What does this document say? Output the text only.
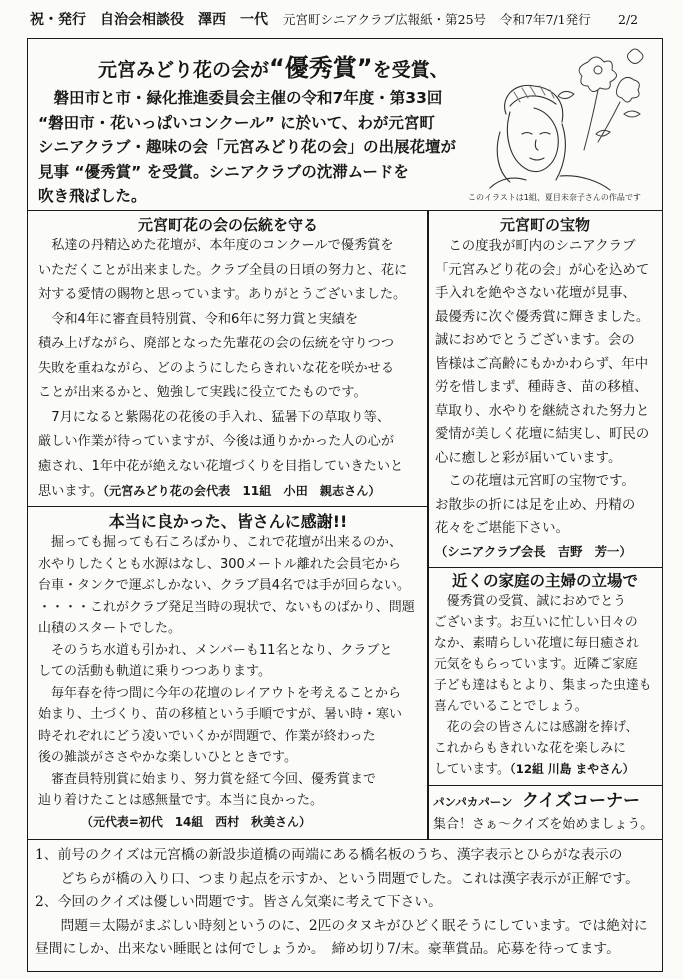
祝・発行　自治会相談役　澤西　一代 元宮町シニアクラブ広報紙・第25号 令和7年7/1発行 2/2
元宮みどり花の会が“優秀賞”を受賞、
磐田市と市・緑化推進委員会主催の令和7年度・第33回
“磐田市・花いっぱいコンクール” に於いて、わが元宮町
シニアクラブ・趣味の会「元宮みどり花の会」の出展花壇が
見事 “優秀賞” を受賞。シニアクラブの沈滞ムードを
吹き飛ばした。	このイラストは1組、夏目未奈子さんの作品です
元宮町花の会の伝統を守る
私達の丹精込めた花壇が、本年度のコンクールで優秀賞を
いただくことが出来ました。クラブ全員の日頃の努力と、花に
対する愛情の賜物と思っています。ありがとうございました。
令和4年に審査員特別賞、令和6年に努力賞と実績を
積み上げながら、廃部となった先輩花の会の伝統を守りつつ
失敗を重ねながら、どのようにしたらきれいな花を咲かせる
ことが出来るかと、勉強して実践に役立てたものです。
7月になると紫陽花の花後の手入れ、猛暑下の草取り等、
厳しい作業が待っていますが、今後は通りかかった人の心が
癒され、1年中花が絶えない花壇づくりを目指していきたいと
思います。（元宮みどり花の会代表　11組　小田　親志さん）
本当に良かった、皆さんに感謝!!
掘っても掘っても石ころばかり、これで花壇が出来るのか、
水やりしたくとも水源はなし、300メートル離れた会員宅から
台車・タンクで運ぶしかない、クラブ員4名では手が回らない。
・・・・これがクラブ発足当時の現状で、ないものばかり、問題
山積のスタートでした。
そのうち水道も引かれ、メンバーも11名となり、クラブと
しての活動も軌道に乗りつつあります。
毎年春を待つ間に今年の花壇のレイアウトを考えることから
始まり、土づくり、苗の移植という手順ですが、暑い時・寒い
時それぞれにどう凌いでいくかが問題で、作業が終わった
後の雑談がささやかな楽しいひとときです。
審査員特別賞に始まり、努力賞を経て今回、優秀賞まで
辿り着けたことは感無量です。本当に良かった。
（元代表=初代　14組　西村　秋美さん）
元宮町の宝物
この度我が町内のシニアクラブ
「元宮みどり花の会」が心を込めて
手入れを絶やさない花壇が見事、
最優秀に次ぐ優秀賞に輝きました。
誠におめでとうございます。会の
皆様はご高齢にもかかわらず、年中
労を惜しまず、種蒔き、苗の移植、
草取り、水やりを継続された努力と
愛情が美しく花壇に結実し、町民の
心に癒しと彩が届いています。
この花壇は元宮町の宝物です。
お散歩の折には足を止め、丹精の
花々をご堪能下さい。
（シニアクラブ会長　吉野　芳一）
近くの家庭の主婦の立場で
優秀賞の受賞、誠におめでとう
ございます。お互いに忙しい日々の
なか、素晴らしい花壇に毎日癒され
元気をもらっています。近隣ご家庭
子ども達はもとより、集まった虫達も
喜んでいることでしょう。
花の会の皆さんには感謝を捧げ、
これからもきれいな花を楽しみに
しています。（12組 川島 まやさん）
パンパカパーン クイズコーナー
集合！さぁ～クイズを始めましょう。
1、前号のクイズは元宮橋の新設歩道橋の両端にある橋名板のうち、漢字表示とひらがな表示の
どちらが橋の入り口、つまり起点を示すか、という問題でした。これは漢字表示が正解です。
2、今回のクイズは優しい問題です。皆さん気楽に考えて下さい。
問題＝太陽がまぶしい時刻というのに、2匹のタヌキがひどく眠そうにしています。では絶対に
昼間にしか、出来ない睡眠とは何でしょうか。　締め切り7/末。豪華賞品。応募を待ってます。
